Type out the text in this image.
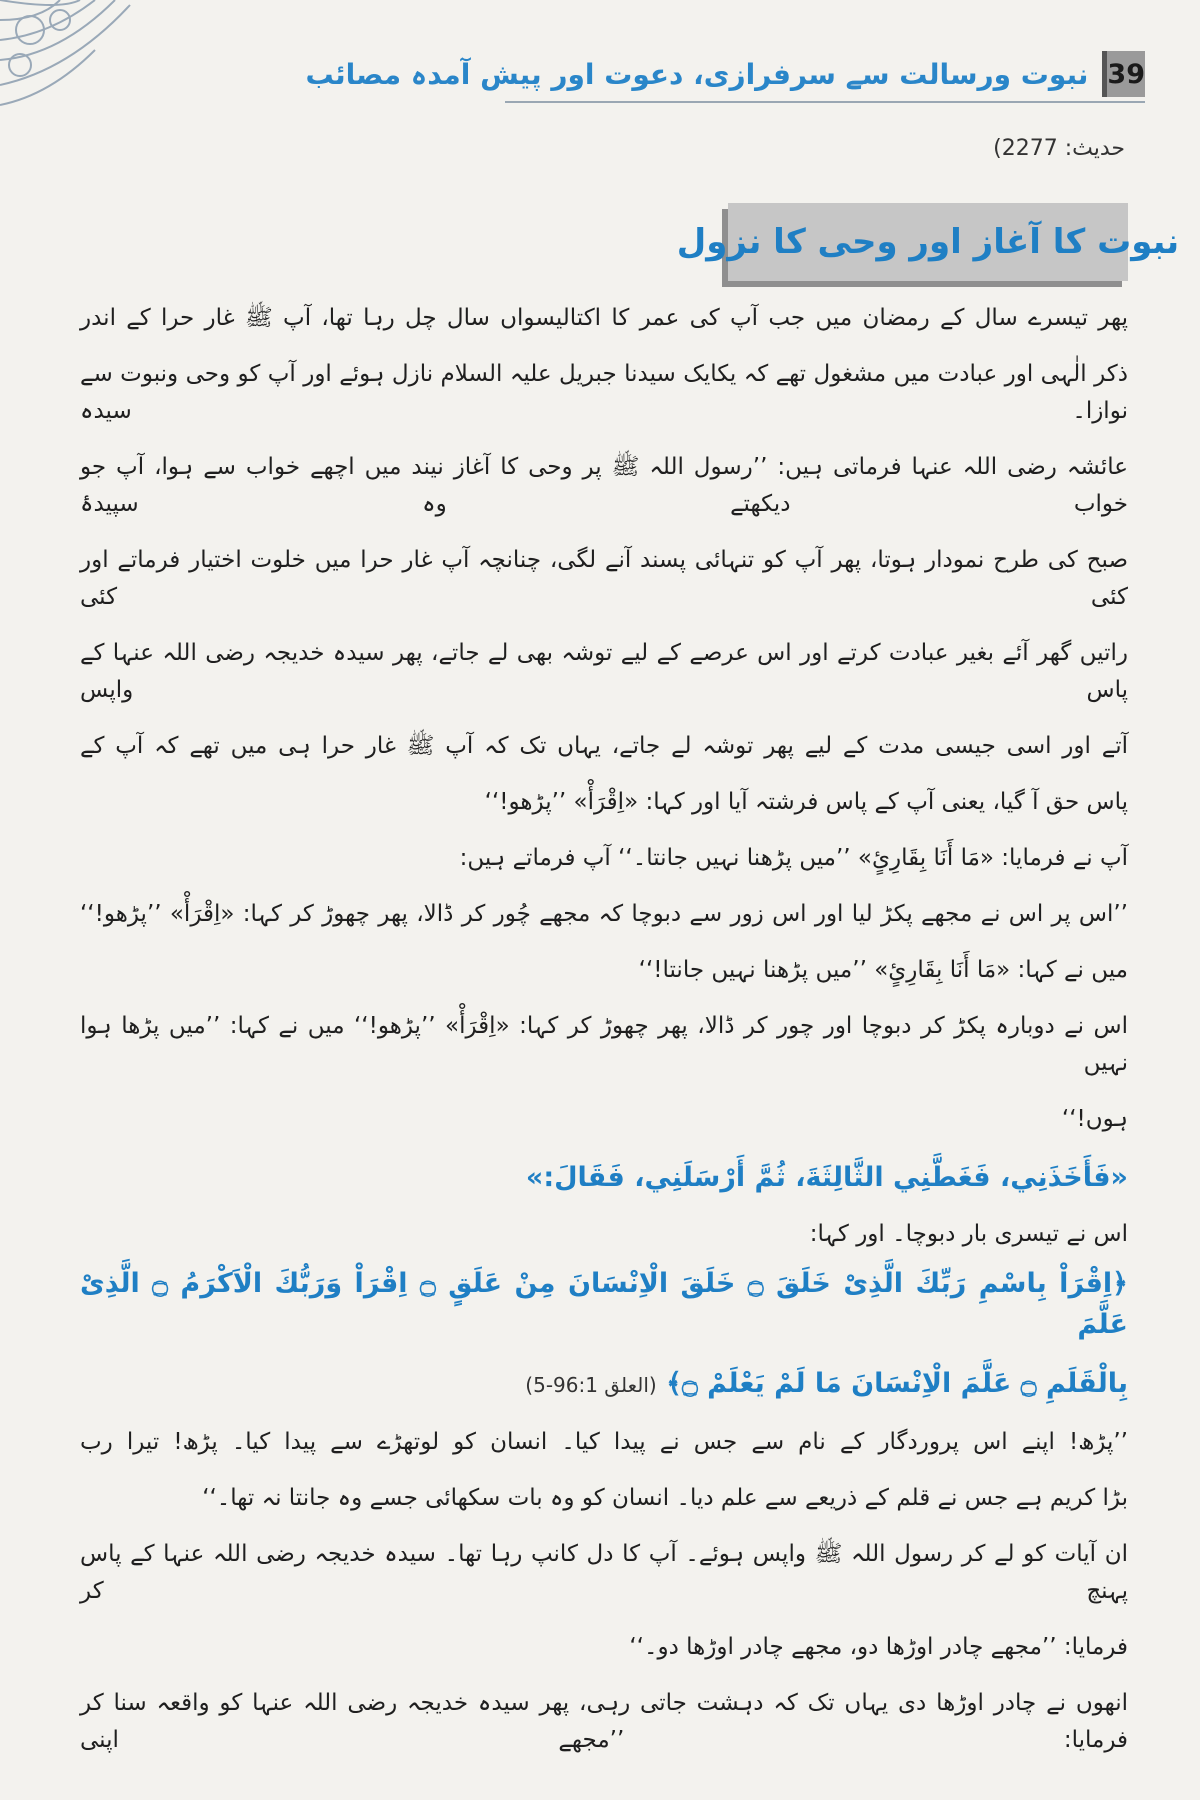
نبوت ورسالت سے سرفرازی، دعوت اور پیش آمدہ مصائب 39
حدیث: 2277)
نبوت کا آغاز اور وحی کا نزول
پھر تیسرے سال کے رمضان میں جب آپ کی عمر کا اکتالیسواں سال چل رہا تھا، آپ ﷺ غار حرا کے اندر
ذکر الٰہی اور عبادت میں مشغول تھے کہ یکایک سیدنا جبریل علیہ السلام نازل ہوئے اور آپ کو وحی ونبوت سے نوازا۔ سیدہ
عائشہ رضی اللہ عنہا فرماتی ہیں: ’’رسول اللہ ﷺ پر وحی کا آغاز نیند میں اچھے خواب سے ہوا، آپ جو خواب دیکھتے وہ سپیدۂ
صبح کی طرح نمودار ہوتا، پھر آپ کو تنہائی پسند آنے لگی، چنانچہ آپ غار حرا میں خلوت اختیار فرماتے اور کئی کئی
راتیں گھر آئے بغیر عبادت کرتے اور اس عرصے کے لیے توشہ بھی لے جاتے، پھر سیدہ خدیجہ رضی اللہ عنہا کے پاس واپس
آتے اور اسی جیسی مدت کے لیے پھر توشہ لے جاتے، یہاں تک کہ آپ ﷺ غار حرا ہی میں تھے کہ آپ کے
پاس حق آ گیا، یعنی آپ کے پاس فرشتہ آیا اور کہا: «اِقْرَأْ» ’’پڑھو!‘‘
آپ نے فرمایا: «مَا أَنَا بِقَارِئٍ» ’’میں پڑھنا نہیں جانتا۔‘‘ آپ فرماتے ہیں:
’’اس پر اس نے مجھے پکڑ لیا اور اس زور سے دبوچا کہ مجھے چُور کر ڈالا، پھر چھوڑ کر کہا: «اِقْرَأْ» ’’پڑھو!‘‘
میں نے کہا: «مَا أَنَا بِقَارِئٍ» ’’میں پڑھنا نہیں جانتا!‘‘
اس نے دوبارہ پکڑ کر دبوچا اور چور کر ڈالا، پھر چھوڑ کر کہا: «اِقْرَأْ» ’’پڑھو!‘‘ میں نے کہا: ’’میں پڑھا ہوا نہیں
ہوں!‘‘
«فَأَخَذَنِي، فَغَطَّنِي الثَّالِثَةَ، ثُمَّ أَرْسَلَنِي، فَقَالَ:»
اس نے تیسری بار دبوچا۔ اور کہا:
﴿اِقْرَاْ بِاسْمِ رَبِّكَ الَّذِیْ خَلَقَ ۝ خَلَقَ الْاِنْسَانَ مِنْ عَلَقٍ ۝ اِقْرَاْ وَرَبُّكَ الْاَكْرَمُ ۝ الَّذِیْ عَلَّمَ
بِالْقَلَمِ ۝ عَلَّمَ الْاِنْسَانَ مَا لَمْ یَعْلَمْ ۝﴾ (العلق 96:1-5)
’’پڑھ! اپنے اس پروردگار کے نام سے جس نے پیدا کیا۔ انسان کو لوتھڑے سے پیدا کیا۔ پڑھ! تیرا رب
بڑا کریم ہے جس نے قلم کے ذریعے سے علم دیا۔ انسان کو وہ بات سکھائی جسے وہ جانتا نہ تھا۔‘‘
ان آیات کو لے کر رسول اللہ ﷺ واپس ہوئے۔ آپ کا دل کانپ رہا تھا۔ سیدہ خدیجہ رضی اللہ عنہا کے پاس پہنچ کر
فرمایا: ’’مجھے چادر اوڑھا دو، مجھے چادر اوڑھا دو۔‘‘
انھوں نے چادر اوڑھا دی یہاں تک کہ دہشت جاتی رہی، پھر سیدہ خدیجہ رضی اللہ عنہا کو واقعہ سنا کر فرمایا: ’’مجھے اپنی
